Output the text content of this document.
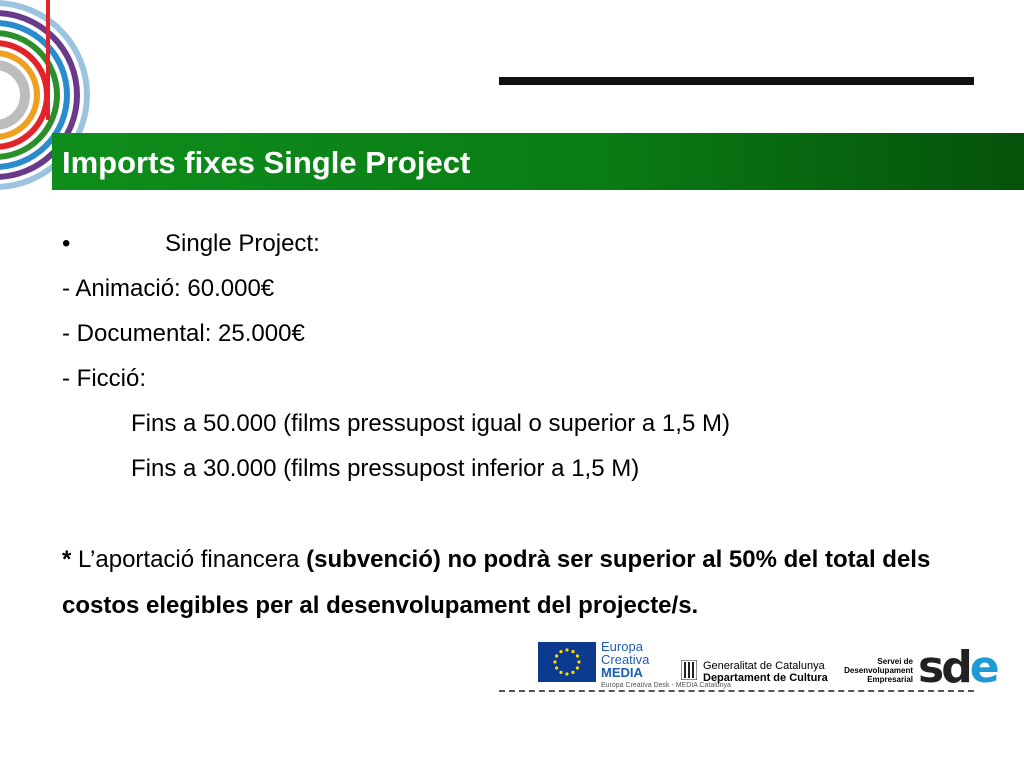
Imports fixes Single Project
•	Single Project:
- Animació: 60.000€
- Documental: 25.000€
- Ficció:
Fins a 50.000 (films pressupost igual o superior a 1,5 M)
Fins a 30.000 (films pressupost inferior a 1,5 M)
* L’aportació financera (subvenció) no podrà ser superior al 50% del total dels costos elegibles per al desenvolupament del projecte/s.
Europa
Creativa
MEDIA
Europa Creativa Desk - MEDIA Catalunya
Generalitat de Catalunya
Departament de Cultura
Servei de
Desenvolupament
Empresarial sde
